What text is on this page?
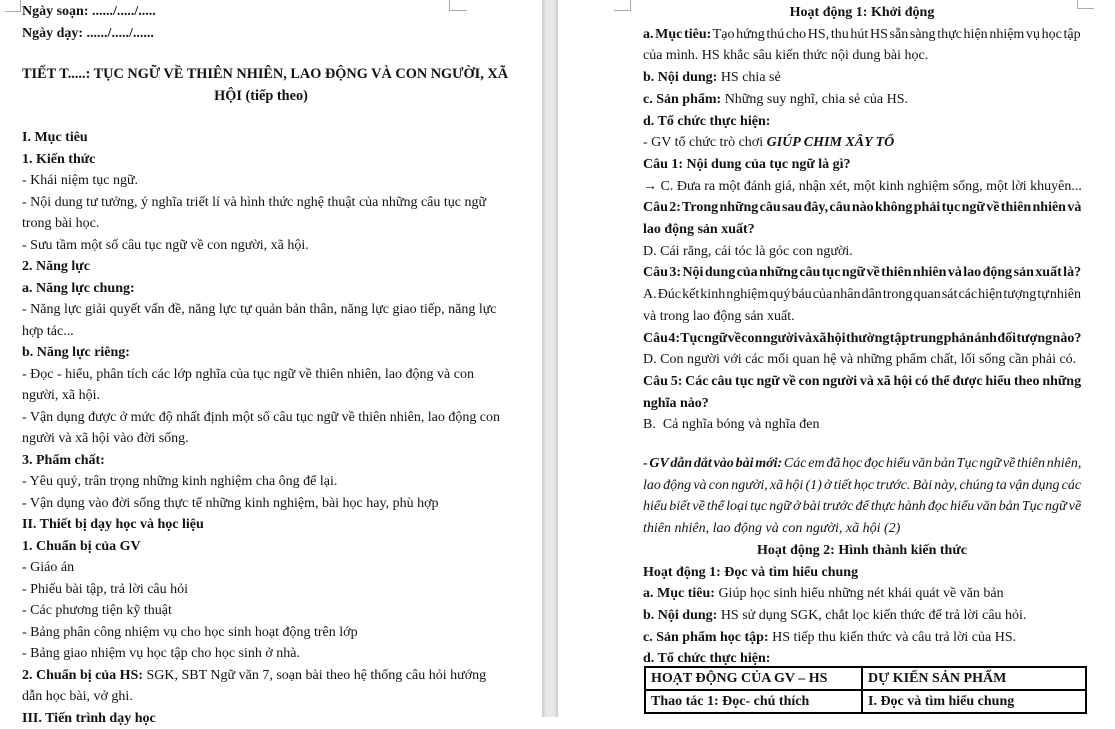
Ngày soạn: ....../...../.....

Ngày dạy: ....../...../......

TIẾT T.....: TỤC NGỮ VỀ THIÊN NHIÊN, LAO ĐỘNG VÀ CON NGƯỜI, XÃ

HỘI (tiếp theo)

I. Mục tiêu

1. Kiến thức

- Khái niệm tục ngữ.

- Nội dung tư tưởng, ý nghĩa triết lí và hình thức nghệ thuật của những câu tục ngữ

trong bài học.

- Sưu tầm một số câu tục ngữ về con người, xã hội.

2. Năng lực

a. Năng lực chung:

- Năng lực giải quyết vấn đề, năng lực tự quản bản thân, năng lực giao tiếp, năng lực

hợp tác...

b. Năng lực riêng:

- Đọc - hiểu, phân tích các lớp nghĩa của tục ngữ về thiên nhiên, lao động và con

người, xã hội.

- Vận dụng được ở mức độ nhất định một số câu tục ngữ về thiên nhiên, lao động con

người và xã hội vào đời sống.

3. Phẩm chất:

- Yêu quý, trân trọng những kinh nghiệm cha ông để lại.

- Vận dụng vào đời sống thực tế những kinh nghiệm, bài học hay, phù hợp

II. Thiết bị dạy học và học liệu

1. Chuẩn bị của GV

- Giáo án

- Phiếu bài tập, trả lời câu hỏi

- Các phương tiện kỹ thuật

- Bảng phân công nhiệm vụ cho học sinh hoạt động trên lớp

- Bảng giao nhiệm vụ học tập cho học sinh ở nhà.

2. Chuẩn bị của HS: SGK, SBT Ngữ văn 7, soạn bài theo hệ thống câu hỏi hướng

dẫn học bài, vở ghi.

III. Tiến trình dạy học

Hoạt động 1: Khởi động

a. Mục tiêu: Tạo hứng thú cho HS, thu hút HS sẵn sàng thực hiện nhiệm vụ học tập

của mình. HS khắc sâu kiến thức nội dung bài học.

b. Nội dung: HS chia sẻ

c. Sản phẩm: Những suy nghĩ, chia sẻ của HS.

d. Tổ chức thực hiện:

- GV tổ chức trò chơi GIÚP CHIM XÂY TỔ

Câu 1: Nội dung của tục ngữ là gì?

→ C. Đưa ra một đánh giá, nhận xét, một kinh nghiệm sống, một lời khuyên...

Câu 2: Trong những câu sau đây, câu nào không phải tục ngữ về thiên nhiên và

lao động sản xuất?

D. Cái răng, cái tóc là góc con người.

Câu 3: Nội dung của những câu tục ngữ về thiên nhiên và lao động sản xuất là?

A. Đúc kết kinh nghiệm quý báu của nhân dân trong quan sát các hiện tượng tự nhiên

và trong lao động sản xuất.

Câu 4: Tục ngữ về con người và xã hội thường tập trung phản ánh đối tượng nào?

D. Con người với các mối quan hệ và những phẩm chất, lối sống cần phải có.

Câu 5: Các câu tục ngữ về con người và xã hội có thể được hiểu theo những

nghĩa nào?

B.  Cả nghĩa bóng và nghĩa đen

- GV dẫn dắt vào bài mới: Các em đã học đọc hiểu văn bản Tục ngữ về thiên nhiên,

lao động và con người, xã hội (1) ở tiết học trước. Bài này, chúng ta vận dụng các

hiểu biết về thể loại tục ngữ ở bài trước để thực hành đọc hiểu văn bản Tục ngữ về

thiên nhiên, lao động và con người, xã hội (2)

Hoạt động 2: Hình thành kiến thức

Hoạt động 1: Đọc và tìm hiểu chung

a. Mục tiêu: Giúp học sinh hiểu những nét khái quát về văn bản

b. Nội dung: HS sử dụng SGK, chắt lọc kiến thức để trả lời câu hỏi.

c. Sản phẩm học tập: HS tiếp thu kiến thức và câu trả lời của HS.

d. Tổ chức thực hiện:

HOẠT ĐỘNG CỦA GV – HS	DỰ KIẾN SẢN PHẨM
Thao tác 1: Đọc- chú thích	I. Đọc và tìm hiểu chung
